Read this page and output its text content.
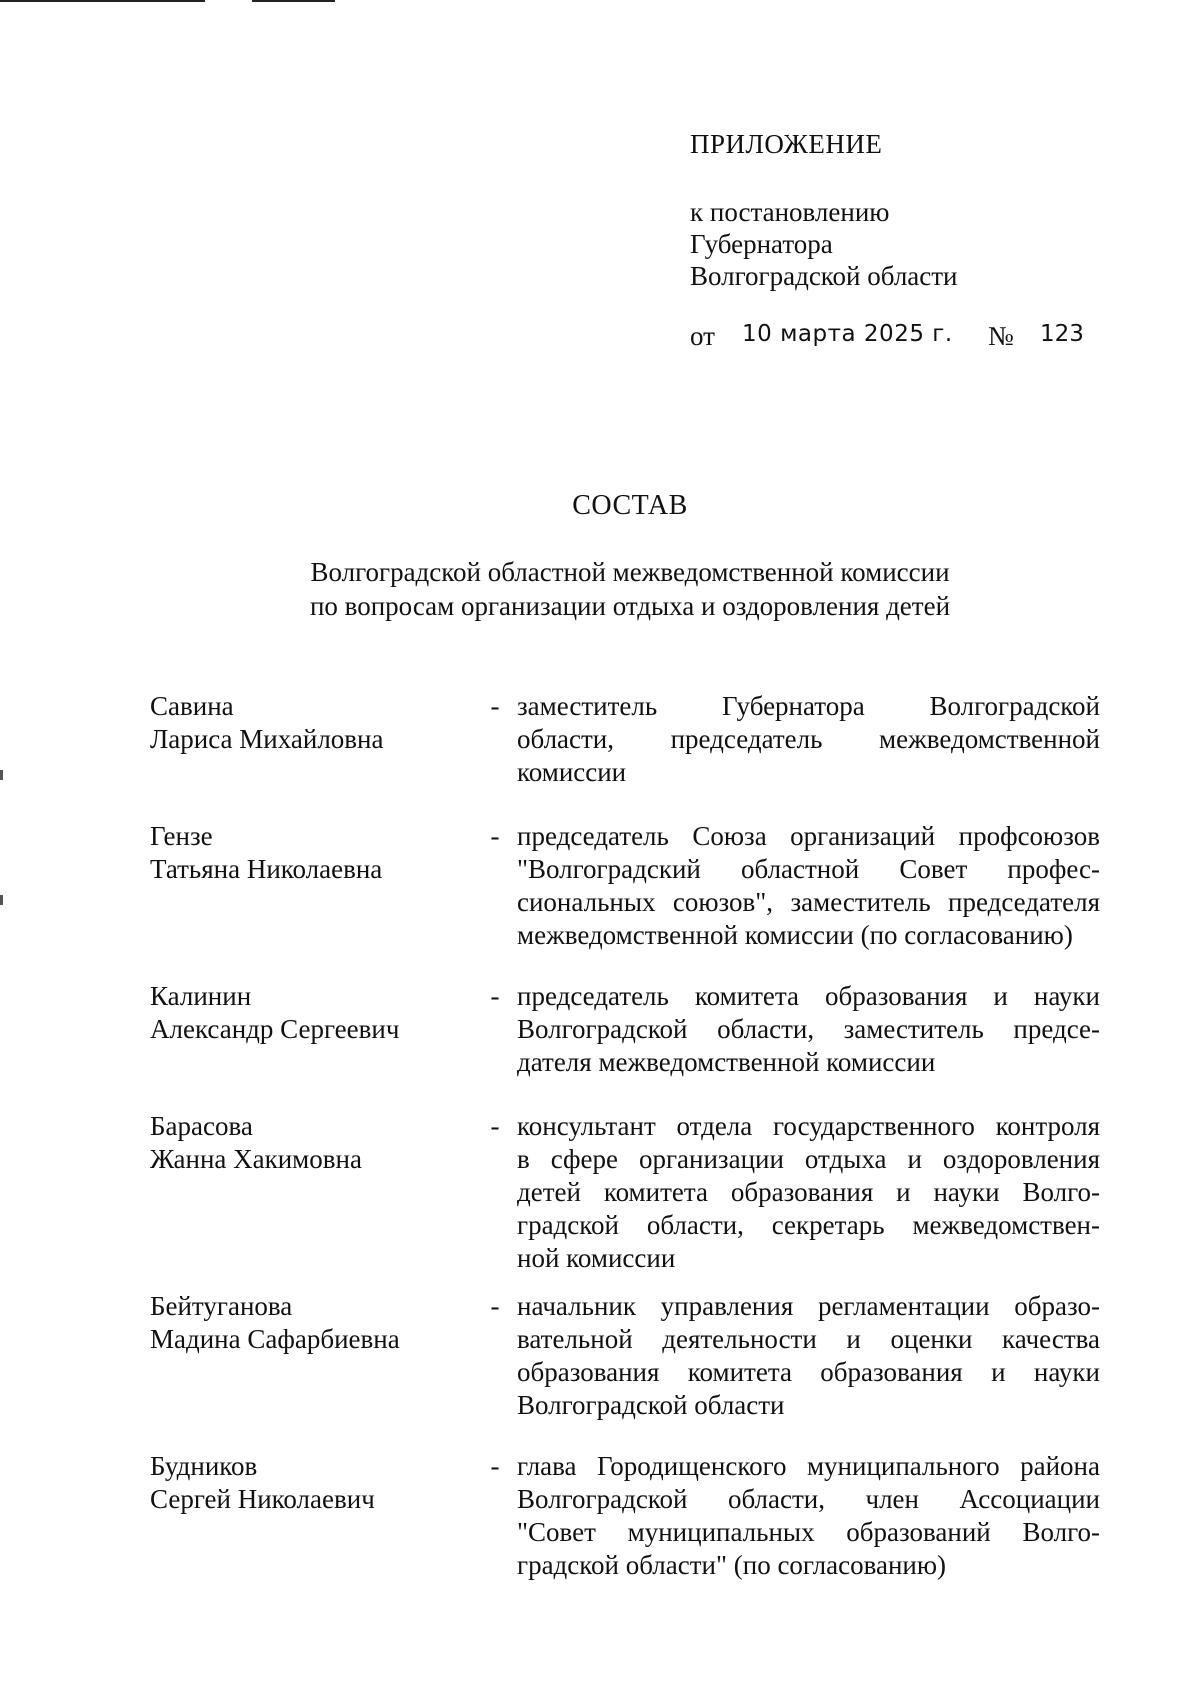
ПРИЛОЖЕНИЕ
к постановлению
Губернатора
Волгоградской области
от 10 марта 2025 г. № 123
СОСТАВ
Волгоградской областной межведомственной комиссии
по вопросам организации отдыха и оздоровления детей
Савина
Лариса Михайловна
- заместитель Губернатора Волгоградской
области, председатель межведомственной
комиссии
Гензе
Татьяна Николаевна
- председатель Союза организаций профсоюзов
"Волгоградский областной Совет профес-
сиональных союзов", заместитель председателя
межведомственной комиссии (по согласованию)
Калинин
Александр Сергеевич
- председатель комитета образования и науки
Волгоградской области, заместитель предсе-
дателя межведомственной комиссии
Барасова
Жанна Хакимовна
- консультант отдела государственного контроля
в сфере организации отдыха и оздоровления
детей комитета образования и науки Волго-
градской области, секретарь межведомствен-
ной комиссии
Бейтуганова
Мадина Сафарбиевна
- начальник управления регламентации образо-
вательной деятельности и оценки качества
образования комитета образования и науки
Волгоградской области
Будников
Сергей Николаевич
- глава Городищенского муниципального района
Волгоградской области, член Ассоциации
"Совет муниципальных образований Волго-
градской области" (по согласованию)
